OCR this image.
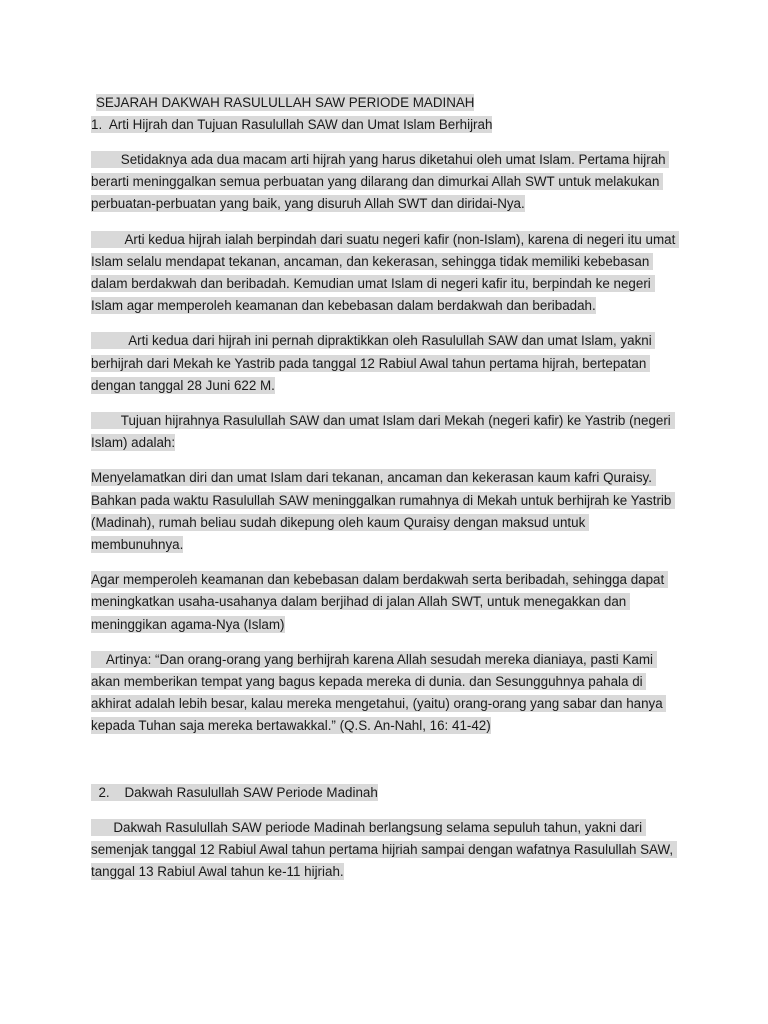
SEJARAH DAKWAH RASULULLAH SAW PERIODE MADINAH
1.  Arti Hijrah dan Tujuan Rasulullah SAW dan Umat Islam Berhijrah

Setidaknya ada dua macam arti hijrah yang harus diketahui oleh umat Islam. Pertama hijrah berarti meninggalkan semua perbuatan yang dilarang dan dimurkai Allah SWT untuk melakukan perbuatan-perbuatan yang baik, yang disuruh Allah SWT dan diridai-Nya.

Arti kedua hijrah ialah berpindah dari suatu negeri kafir (non-Islam), karena di negeri itu umat Islam selalu mendapat tekanan, ancaman, dan kekerasan, sehingga tidak memiliki kebebasan dalam berdakwah dan beribadah. Kemudian umat Islam di negeri kafir itu, berpindah ke negeri Islam agar memperoleh keamanan dan kebebasan dalam berdakwah dan beribadah.

Arti kedua dari hijrah ini pernah dipraktikkan oleh Rasulullah SAW dan umat Islam, yakni berhijrah dari Mekah ke Yastrib pada tanggal 12 Rabiul Awal tahun pertama hijrah, bertepatan dengan tanggal 28 Juni 622 M.

Tujuan hijrahnya Rasulullah SAW dan umat Islam dari Mekah (negeri kafir) ke Yastrib (negeri Islam) adalah:

Menyelamatkan diri dan umat Islam dari tekanan, ancaman dan kekerasan kaum kafri Quraisy. Bahkan pada waktu Rasulullah SAW meninggalkan rumahnya di Mekah untuk berhijrah ke Yastrib (Madinah), rumah beliau sudah dikepung oleh kaum Quraisy dengan maksud untuk membunuhnya.

Agar memperoleh keamanan dan kebebasan dalam berdakwah serta beribadah, sehingga dapat meningkatkan usaha-usahanya dalam berjihad di jalan Allah SWT, untuk menegakkan dan meninggikan agama-Nya (Islam)

Artinya: “Dan orang-orang yang berhijrah karena Allah sesudah mereka dianiaya, pasti Kami akan memberikan tempat yang bagus kepada mereka di dunia. dan Sesungguhnya pahala di akhirat adalah lebih besar, kalau mereka mengetahui, (yaitu) orang-orang yang sabar dan hanya kepada Tuhan saja mereka bertawakkal.” (Q.S. An-Nahl, 16: 41-42)

2.    Dakwah Rasulullah SAW Periode Madinah

Dakwah Rasulullah SAW periode Madinah berlangsung selama sepuluh tahun, yakni dari semenjak tanggal 12 Rabiul Awal tahun pertama hijriah sampai dengan wafatnya Rasulullah SAW, tanggal 13 Rabiul Awal tahun ke-11 hijriah.
